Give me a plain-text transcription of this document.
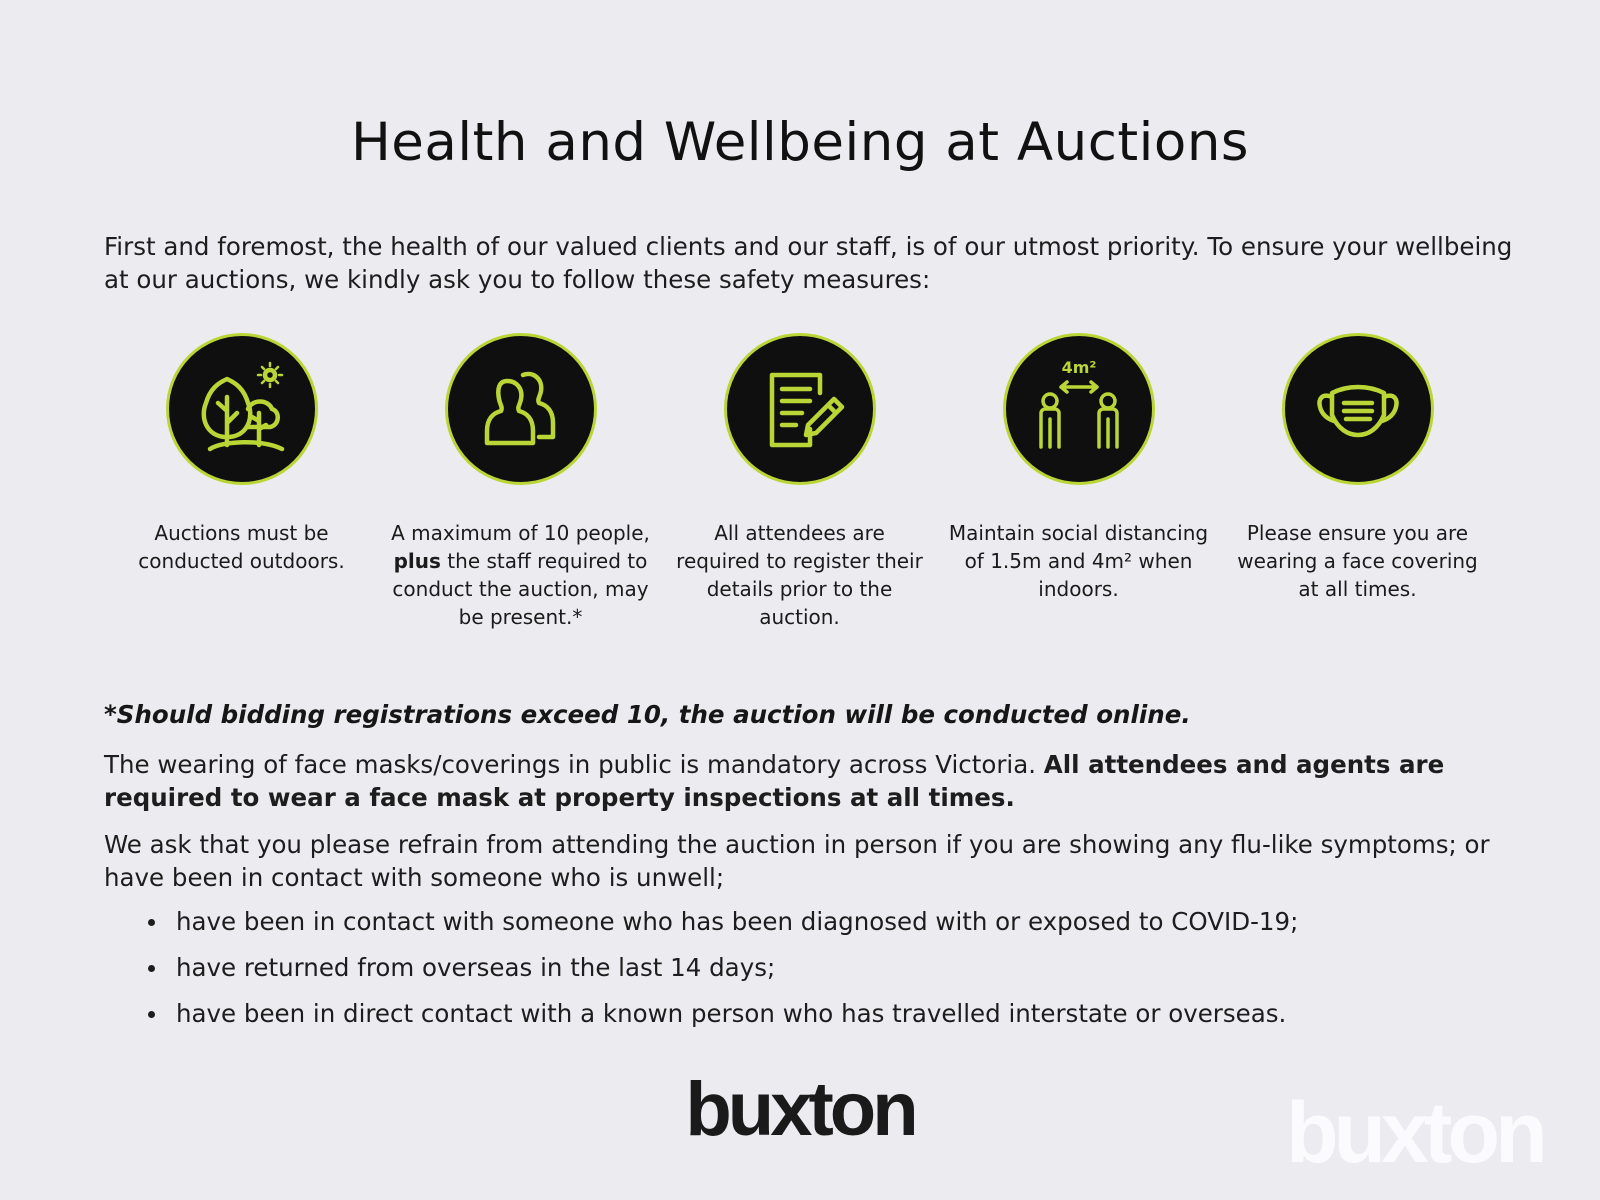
Health and Wellbeing at Auctions

First and foremost, the health of our valued clients and our staff, is of our utmost priority. To ensure your wellbeing at our auctions, we kindly ask you to follow these safety measures:

Auctions must be conducted outdoors.
A maximum of 10 people, plus the staff required to conduct the auction, may be present.*
All attendees are required to register their details prior to the auction.
4m²
Maintain social distancing of 1.5m and 4m² when indoors.
Please ensure you are wearing a face covering at all times.

*Should bidding registrations exceed 10, the auction will be conducted online.

The wearing of face masks/coverings in public is mandatory across Victoria. All attendees and agents are required to wear a face mask at property inspections at all times.

We ask that you please refrain from attending the auction in person if you are showing any flu-like symptoms; or have been in contact with someone who is unwell;

have been in contact with someone who has been diagnosed with or exposed to COVID-19;
have returned from overseas in the last 14 days;
have been in direct contact with a known person who has travelled interstate or overseas.
buxton	buxton
